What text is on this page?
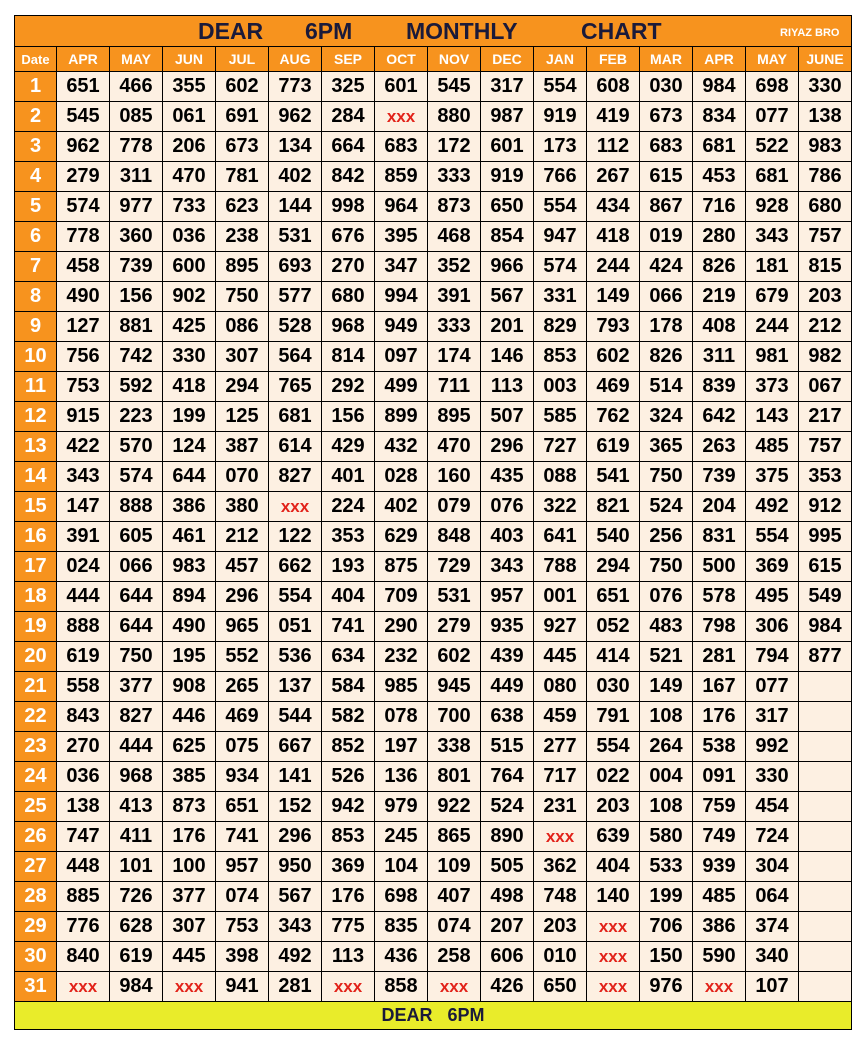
DEAR 6PM MONTHLY CHART RIYAZ BRO															

Date	APR	MAY	JUN	JUL	AUG	SEP	OCT	NOV	DEC	JAN	FEB	MAR	APR	MAY	JUNE
1	651	466	355	602	773	325	601	545	317	554	608	030	984	698	330
2	545	085	061	691	962	284	xxx	880	987	919	419	673	834	077	138
3	962	778	206	673	134	664	683	172	601	173	112	683	681	522	983
4	279	311	470	781	402	842	859	333	919	766	267	615	453	681	786
5	574	977	733	623	144	998	964	873	650	554	434	867	716	928	680
6	778	360	036	238	531	676	395	468	854	947	418	019	280	343	757
7	458	739	600	895	693	270	347	352	966	574	244	424	826	181	815
8	490	156	902	750	577	680	994	391	567	331	149	066	219	679	203
9	127	881	425	086	528	968	949	333	201	829	793	178	408	244	212
10	756	742	330	307	564	814	097	174	146	853	602	826	311	981	982
11	753	592	418	294	765	292	499	711	113	003	469	514	839	373	067
12	915	223	199	125	681	156	899	895	507	585	762	324	642	143	217
13	422	570	124	387	614	429	432	470	296	727	619	365	263	485	757
14	343	574	644	070	827	401	028	160	435	088	541	750	739	375	353
15	147	888	386	380	xxx	224	402	079	076	322	821	524	204	492	912
16	391	605	461	212	122	353	629	848	403	641	540	256	831	554	995
17	024	066	983	457	662	193	875	729	343	788	294	750	500	369	615
18	444	644	894	296	554	404	709	531	957	001	651	076	578	495	549
19	888	644	490	965	051	741	290	279	935	927	052	483	798	306	984
20	619	750	195	552	536	634	232	602	439	445	414	521	281	794	877
21	558	377	908	265	137	584	985	945	449	080	030	149	167	077	
22	843	827	446	469	544	582	078	700	638	459	791	108	176	317	
23	270	444	625	075	667	852	197	338	515	277	554	264	538	992	
24	036	968	385	934	141	526	136	801	764	717	022	004	091	330	
25	138	413	873	651	152	942	979	922	524	231	203	108	759	454	
26	747	411	176	741	296	853	245	865	890	xxx	639	580	749	724	
27	448	101	100	957	950	369	104	109	505	362	404	533	939	304	
28	885	726	377	074	567	176	698	407	498	748	140	199	485	064	
29	776	628	307	753	343	775	835	074	207	203	xxx	706	386	374	
30	840	619	445	398	492	113	436	258	606	010	xxx	150	590	340	
31	xxx	984	xxx	941	281	xxx	858	xxx	426	650	xxx	976	xxx	107	
DEAR   6PM															
